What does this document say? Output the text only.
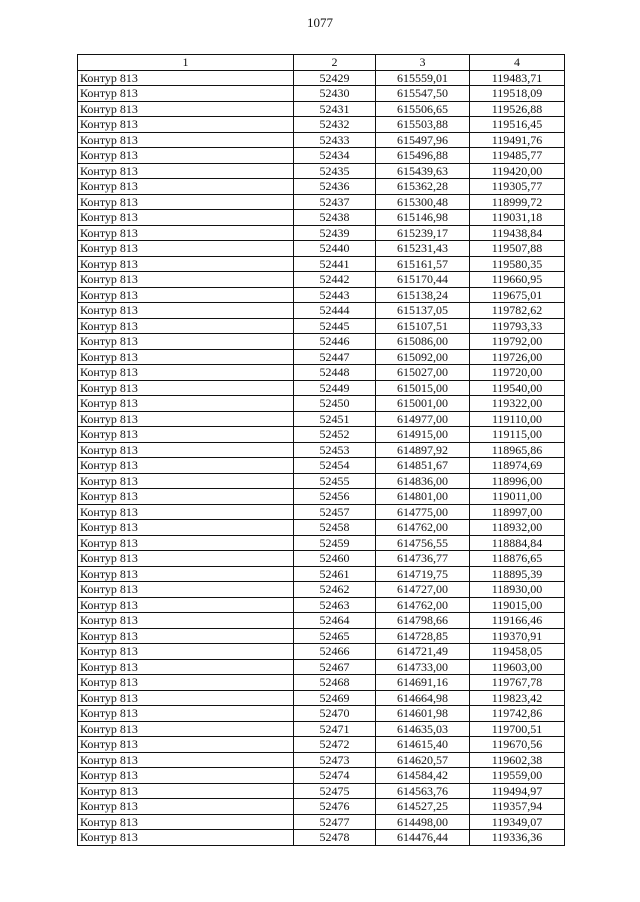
1077
1	2	3	4
Контур 813	52429	615559,01	119483,71
Контур 813	52430	615547,50	119518,09
Контур 813	52431	615506,65	119526,88
Контур 813	52432	615503,88	119516,45
Контур 813	52433	615497,96	119491,76
Контур 813	52434	615496,88	119485,77
Контур 813	52435	615439,63	119420,00
Контур 813	52436	615362,28	119305,77
Контур 813	52437	615300,48	118999,72
Контур 813	52438	615146,98	119031,18
Контур 813	52439	615239,17	119438,84
Контур 813	52440	615231,43	119507,88
Контур 813	52441	615161,57	119580,35
Контур 813	52442	615170,44	119660,95
Контур 813	52443	615138,24	119675,01
Контур 813	52444	615137,05	119782,62
Контур 813	52445	615107,51	119793,33
Контур 813	52446	615086,00	119792,00
Контур 813	52447	615092,00	119726,00
Контур 813	52448	615027,00	119720,00
Контур 813	52449	615015,00	119540,00
Контур 813	52450	615001,00	119322,00
Контур 813	52451	614977,00	119110,00
Контур 813	52452	614915,00	119115,00
Контур 813	52453	614897,92	118965,86
Контур 813	52454	614851,67	118974,69
Контур 813	52455	614836,00	118996,00
Контур 813	52456	614801,00	119011,00
Контур 813	52457	614775,00	118997,00
Контур 813	52458	614762,00	118932,00
Контур 813	52459	614756,55	118884,84
Контур 813	52460	614736,77	118876,65
Контур 813	52461	614719,75	118895,39
Контур 813	52462	614727,00	118930,00
Контур 813	52463	614762,00	119015,00
Контур 813	52464	614798,66	119166,46
Контур 813	52465	614728,85	119370,91
Контур 813	52466	614721,49	119458,05
Контур 813	52467	614733,00	119603,00
Контур 813	52468	614691,16	119767,78
Контур 813	52469	614664,98	119823,42
Контур 813	52470	614601,98	119742,86
Контур 813	52471	614635,03	119700,51
Контур 813	52472	614615,40	119670,56
Контур 813	52473	614620,57	119602,38
Контур 813	52474	614584,42	119559,00
Контур 813	52475	614563,76	119494,97
Контур 813	52476	614527,25	119357,94
Контур 813	52477	614498,00	119349,07
Контур 813	52478	614476,44	119336,36
